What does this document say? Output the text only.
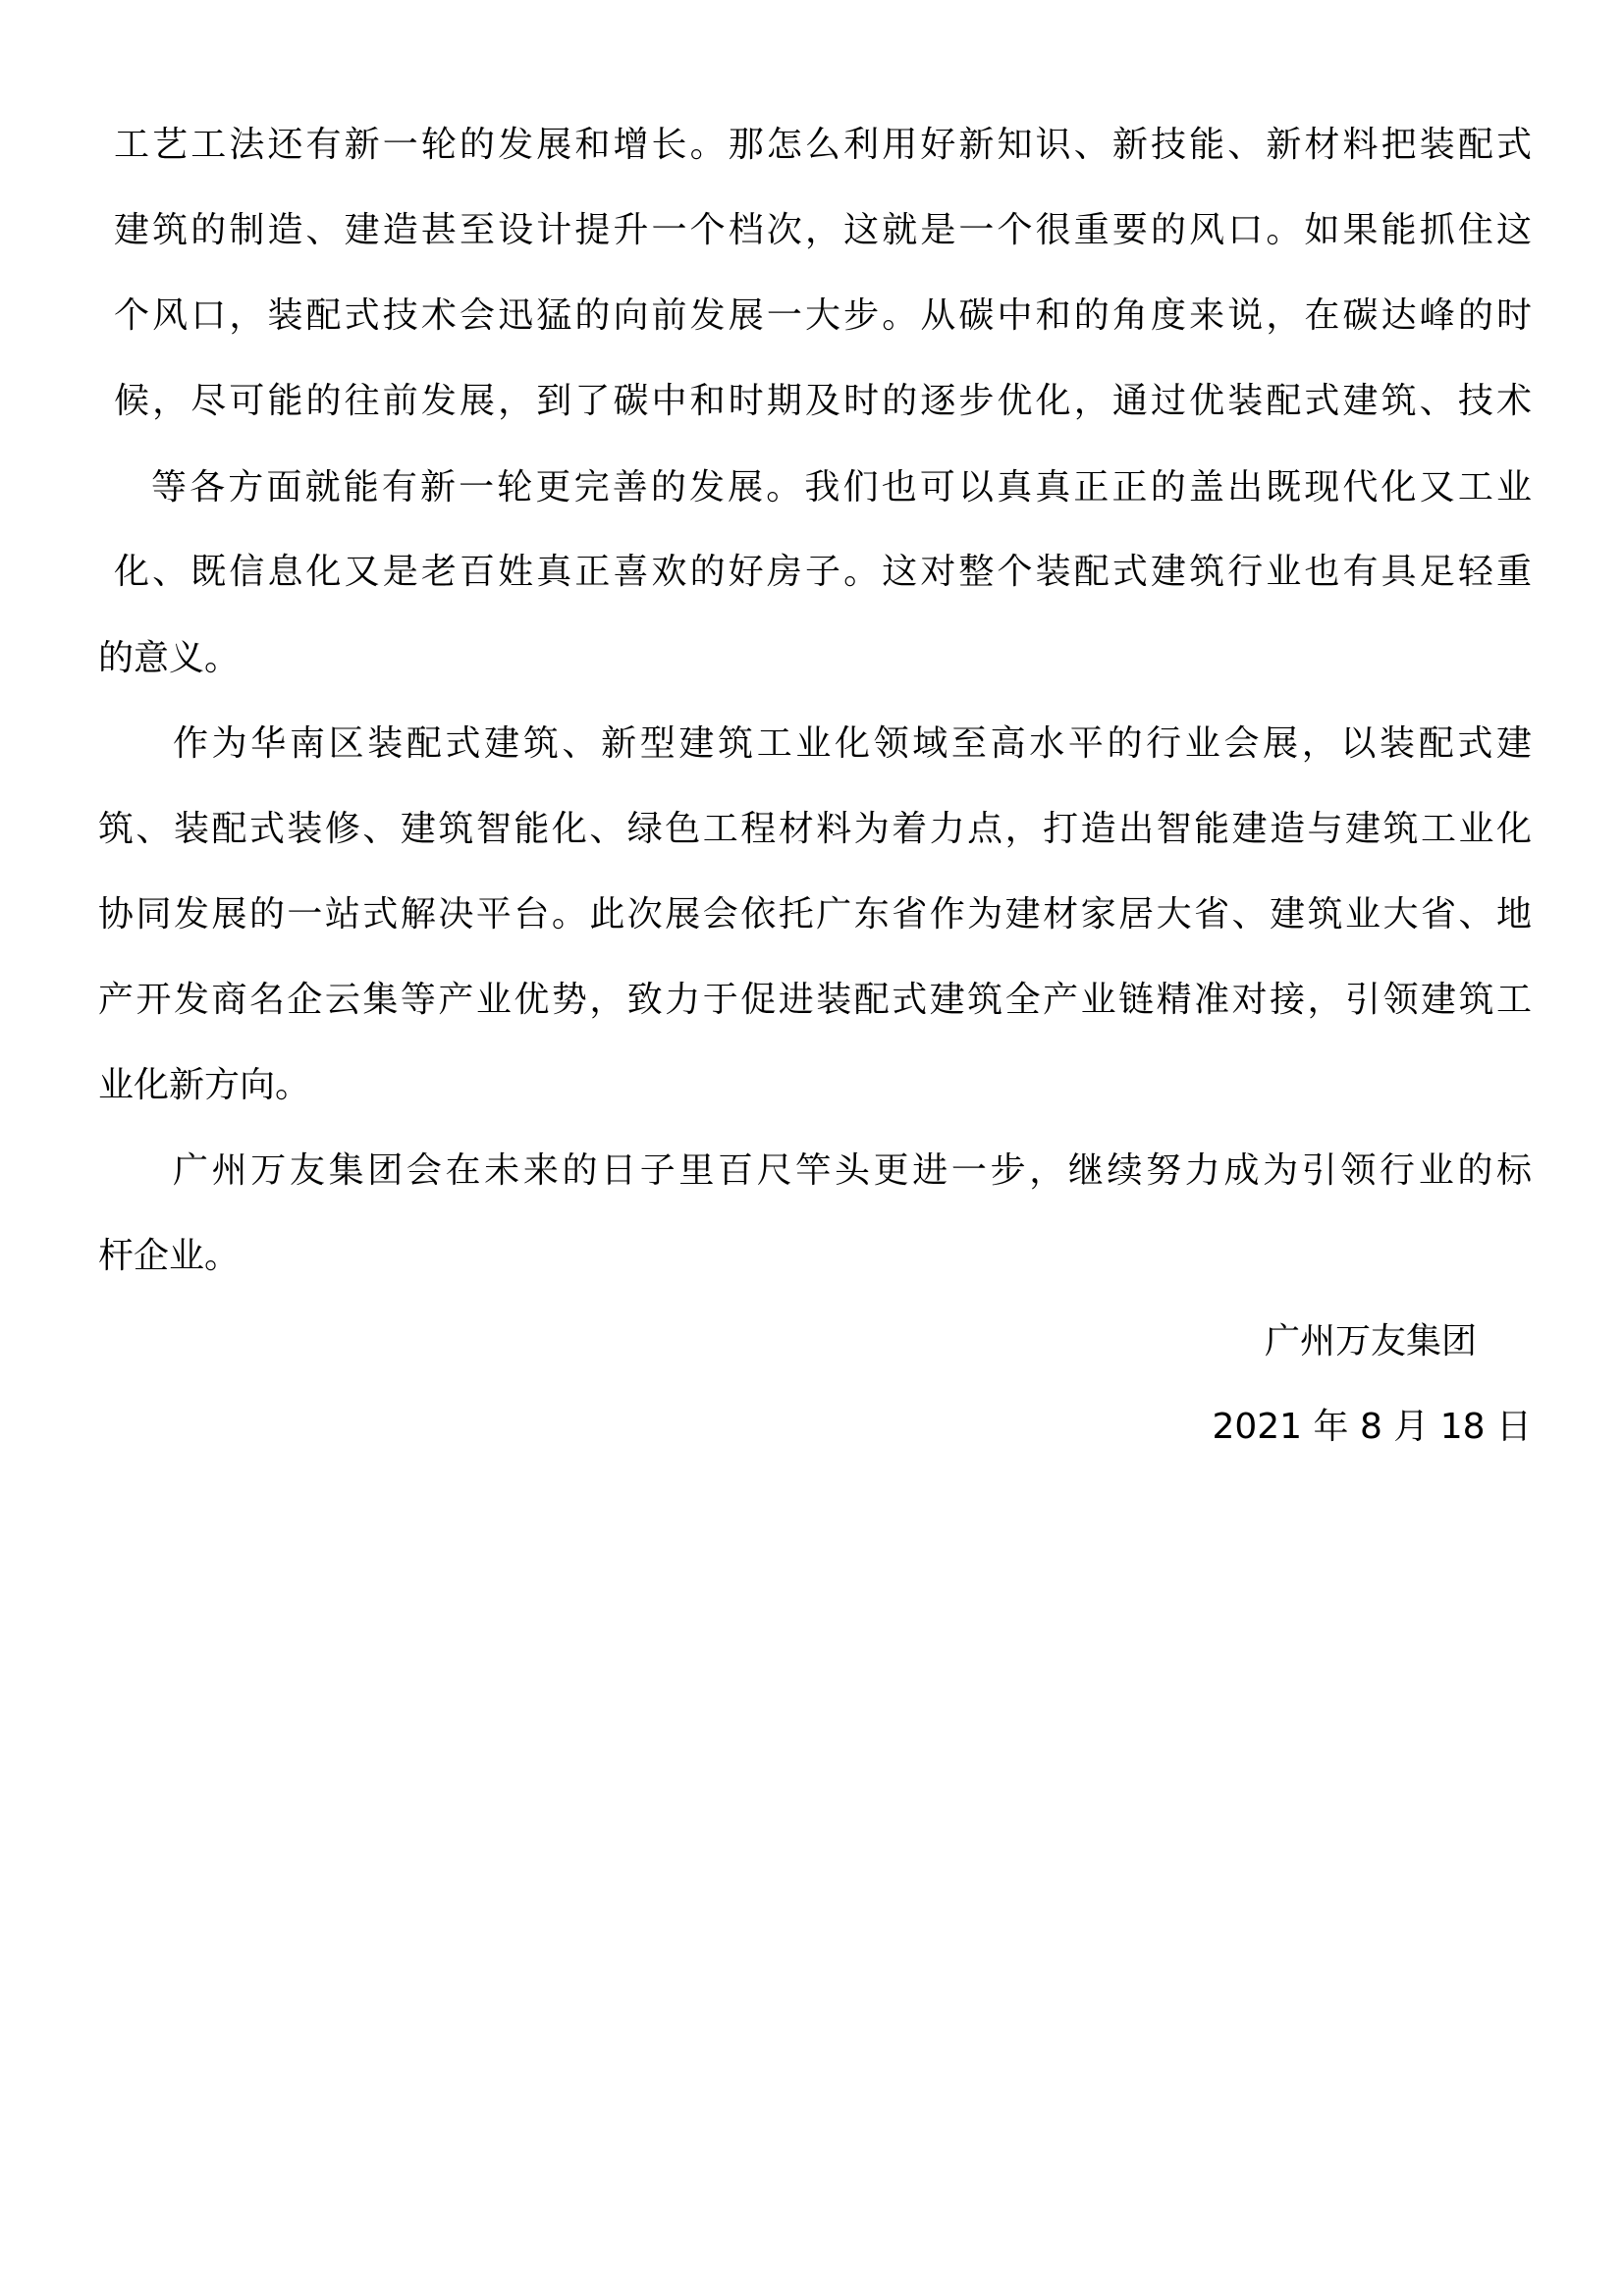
工艺工法还有新一轮的发展和增长。那怎么利用好新知识、新技能、新材料把装配式
建筑的制造、建造甚至设计提升一个档次，这就是一个很重要的风口。如果能抓住这
个风口，装配式技术会迅猛的向前发展一大步。从碳中和的角度来说，在碳达峰的时
候，尽可能的往前发展，到了碳中和时期及时的逐步优化，通过优装配式建筑、技术
等各方面就能有新一轮更完善的发展。我们也可以真真正正的盖出既现代化又工业
化、既信息化又是老百姓真正喜欢的好房子。这对整个装配式建筑行业也有具足轻重
的意义。
作为华南区装配式建筑、新型建筑工业化领域至高水平的行业会展，以装配式建
筑、装配式装修、建筑智能化、绿色工程材料为着力点，打造出智能建造与建筑工业化
协同发展的一站式解决平台。此次展会依托广东省作为建材家居大省、建筑业大省、地
产开发商名企云集等产业优势，致力于促进装配式建筑全产业链精准对接，引领建筑工
业化新方向。
广州万友集团会在未来的日子里百尺竿头更进一步，继续努力成为引领行业的标
杆企业。
广州万友集团
2021 年 8 月 18 日
